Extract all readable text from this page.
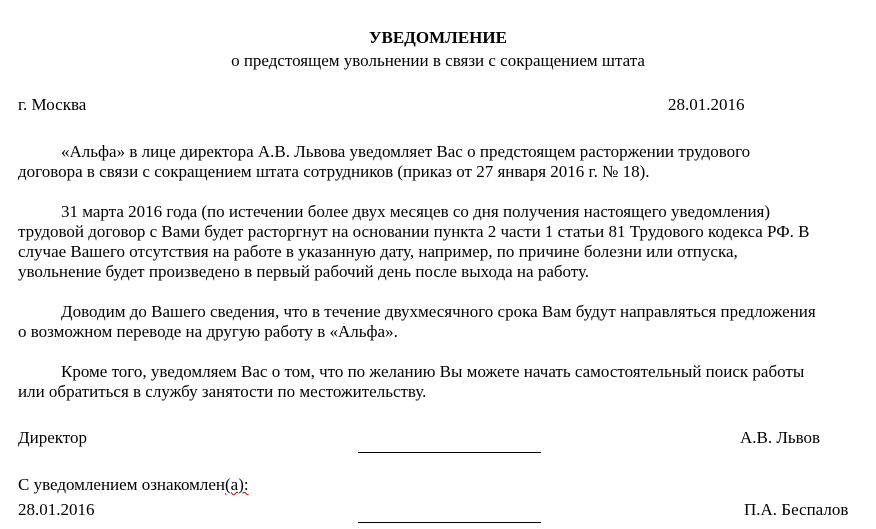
УВЕДОМЛЕНИЕ
о предстоящем увольнении в связи с сокращением штата
г. Москва	28.01.2016
«Альфа» в лице директора А.В. Львова уведомляет Вас о предстоящем расторжении трудового
договора в связи с сокращением штата сотрудников (приказ от 27 января 2016 г. № 18).
31 марта 2016 года (по истечении более двух месяцев со дня получения настоящего уведомления)
трудовой договор с Вами будет расторгнут на основании пункта 2 части 1 статьи 81 Трудового кодекса РФ. В
случае Вашего отсутствия на работе в указанную дату, например, по причине болезни или отпуска,
увольнение будет произведено в первый рабочий день после выхода на работу.
Доводим до Вашего сведения, что в течение двухмесячного срока Вам будут направляться предложения
о возможном переводе на другую работу в «Альфа».
Кроме того, уведомляем Вас о том, что по желанию Вы можете начать самостоятельный поиск работы
или обратиться в службу занятости по местожительству.
Директор	А.В. Львов
С уведомлением ознакомлен(а):
28.01.2016	П.А. Беспалов
